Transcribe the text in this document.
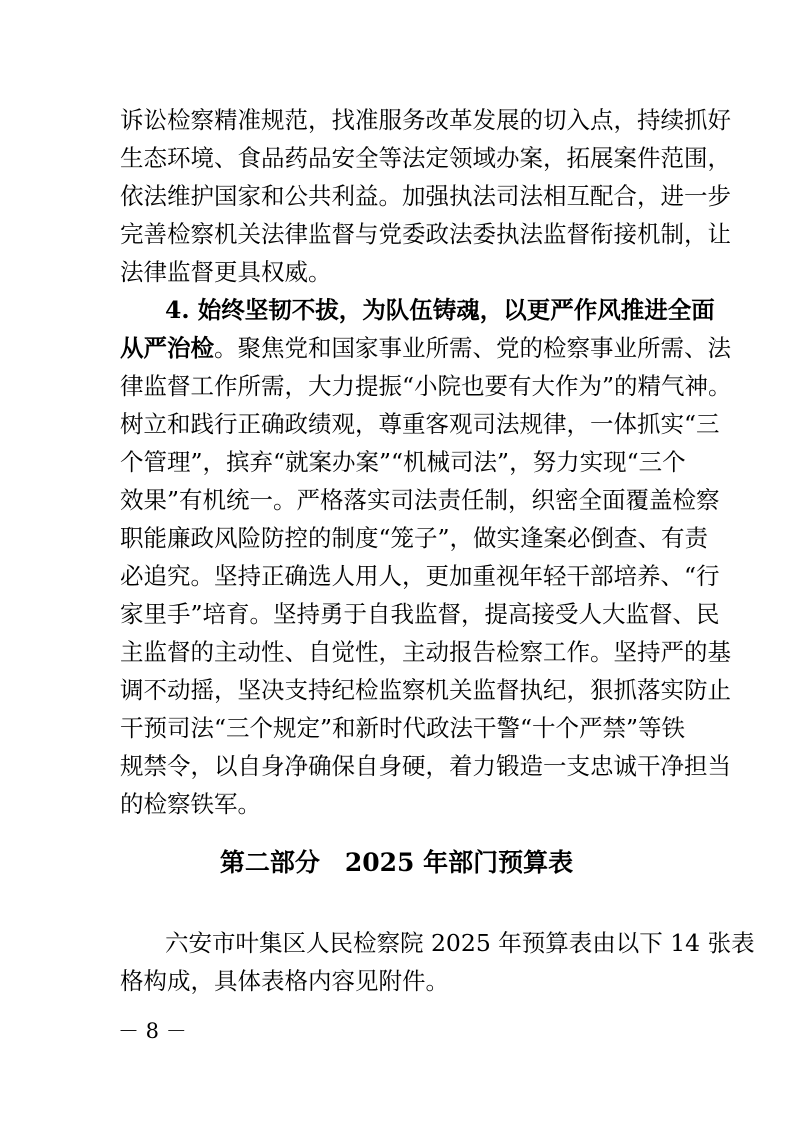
诉讼检察精准规范，找准服务改革发展的切入点，持续抓好
生态环境、食品药品安全等法定领域办案，拓展案件范围，
依法维护国家和公共利益。加强执法司法相互配合，进一步
完善检察机关法律监督与党委政法委执法监督衔接机制，让
法律监督更具权威。
4. 始终坚韧不拔，为队伍铸魂，以更严作风推进全面
从严治检。聚焦党和国家事业所需、党的检察事业所需、法
律监督工作所需，大力提振“小院也要有大作为”的精气神。
树立和践行正确政绩观，尊重客观司法规律，一体抓实“三
个管理”，摈弃“就案办案”“机械司法”，努力实现“三个
效果”有机统一。严格落实司法责任制，织密全面覆盖检察
职能廉政风险防控的制度“笼子”，做实逢案必倒查、有责
必追究。坚持正确选人用人，更加重视年轻干部培养、“行
家里手”培育。坚持勇于自我监督，提高接受人大监督、民
主监督的主动性、自觉性，主动报告检察工作。坚持严的基
调不动摇，坚决支持纪检监察机关监督执纪，狠抓落实防止
干预司法“三个规定”和新时代政法干警“十个严禁”等铁
规禁令，以自身净确保自身硬，着力锻造一支忠诚干净担当
的检察铁军。
第二部分　2025 年部门预算表
六安市叶集区人民检察院 2025 年预算表由以下 14 张表
格构成，具体表格内容见附件。
－ 8 －
